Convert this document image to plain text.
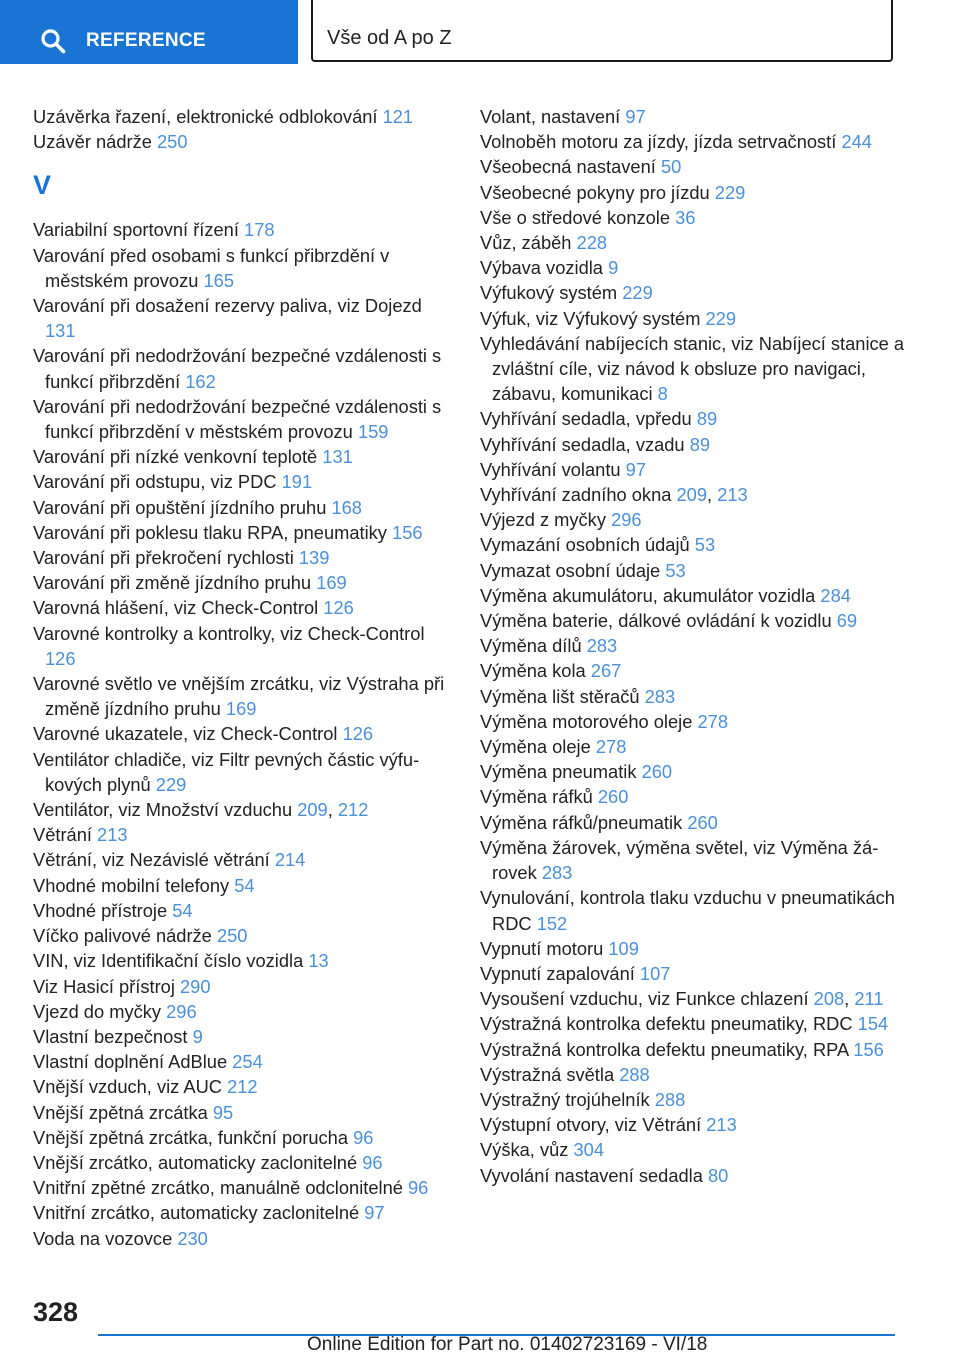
REFERENCE	Vše od A po Z
Uzávěrka řazení, elektronické odblokování 121
Uzávěr nádrže 250
V
Variabilní sportovní řízení 178
Varování před osobami s funkcí přibrzdění v městském provozu 165
Varování při dosažení rezervy paliva, viz Dojezd 131
Varování při nedodržování bezpečné vzdálenosti s funkcí přibrzdění 162
Varování při nedodržování bezpečné vzdálenosti s funkcí přibrzdění v městském provozu 159
Varování při nízké venkovní teplotě 131
Varování při odstupu, viz PDC 191
Varování při opuštění jízdního pruhu 168
Varování při poklesu tlaku RPA, pneumatiky 156
Varování při překročení rychlosti 139
Varování při změně jízdního pruhu 169
Varovná hlášení, viz Check-Control 126
Varovné kontrolky a kontrolky, viz Check-Control 126
Varovné světlo ve vnějším zrcátku, viz Výstraha při změně jízdního pruhu 169
Varovné ukazatele, viz Check-Control 126
Ventilátor chladiče, viz Filtr pevných částic výfukových plynů 229
Ventilátor, viz Množství vzduchu 209, 212
Větrání 213
Větrání, viz Nezávislé větrání 214
Vhodné mobilní telefony 54
Vhodné přístroje 54
Víčko palivové nádrže 250
VIN, viz Identifikační číslo vozidla 13
Viz Hasicí přístroj 290
Vjezd do myčky 296
Vlastní bezpečnost 9
Vlastní doplnění AdBlue 254
Vnější vzduch, viz AUC 212
Vnější zpětná zrcátka 95
Vnější zpětná zrcátka, funkční porucha 96
Vnější zrcátko, automaticky zaclonitelné 96
Vnitřní zpětné zrcátko, manuálně odclonitelné 96
Vnitřní zrcátko, automaticky zaclonitelné 97
Voda na vozovce 230
Volant, nastavení 97
Volnoběh motoru za jízdy, jízda setrvačností 244
Všeobecná nastavení 50
Všeobecné pokyny pro jízdu 229
Vše o středové konzole 36
Vůz, záběh 228
Výbava vozidla 9
Výfukový systém 229
Výfuk, viz Výfukový systém 229
Vyhledávání nabíjecích stanic, viz Nabíjecí stanice a zvláštní cíle, viz návod k obsluze pro navigaci, zábavu, komunikaci 8
Vyhřívání sedadla, vpředu 89
Vyhřívání sedadla, vzadu 89
Vyhřívání volantu 97
Vyhřívání zadního okna 209, 213
Výjezd z myčky 296
Vymazání osobních údajů 53
Vymazat osobní údaje 53
Výměna akumulátoru, akumulátor vozidla 284
Výměna baterie, dálkové ovládání k vozidlu 69
Výměna dílů 283
Výměna kola 267
Výměna lišt stěračů 283
Výměna motorového oleje 278
Výměna oleje 278
Výměna pneumatik 260
Výměna ráfků 260
Výměna ráfků/pneumatik 260
Výměna žárovek, výměna světel, viz Výměna žárovek 283
Vynulování, kontrola tlaku vzduchu v pneumatikách RDC 152
Vypnutí motoru 109
Vypnutí zapalování 107
Vysoušení vzduchu, viz Funkce chlazení 208, 211
Výstražná kontrolka defektu pneumatiky, RDC 154
Výstražná kontrolka defektu pneumatiky, RPA 156
Výstražná světla 288
Výstražný trojúhelník 288
Výstupní otvory, viz Větrání 213
Výška, vůz 304
Vyvolání nastavení sedadla 80
328
Online Edition for Part no. 01402723169 - VI/18
